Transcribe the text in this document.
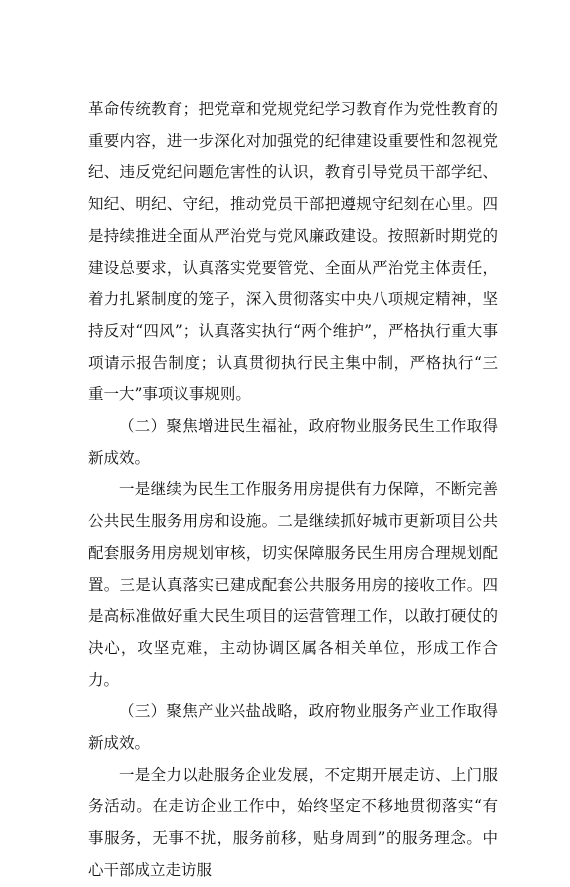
革命传统教育；把党章和党规党纪学习教育作为党性教育的重要内容，进一步深化对加强党的纪律建设重要性和忽视党纪、违反党纪问题危害性的认识，教育引导党员干部学纪、知纪、明纪、守纪，推动党员干部把遵规守纪刻在心里。四是持续推进全面从严治党与党风廉政建设。按照新时期党的建设总要求，认真落实党要管党、全面从严治党主体责任，着力扎紧制度的笼子，深入贯彻落实中央八项规定精神，坚持反对“四风”；认真落实执行“两个维护”，严格执行重大事项请示报告制度；认真贯彻执行民主集中制，严格执行“三重一大”事项议事规则。

（二）聚焦增进民生福祉，政府物业服务民生工作取得新成效。

一是继续为民生工作服务用房提供有力保障，不断完善公共民生服务用房和设施。二是继续抓好城市更新项目公共配套服务用房规划审核，切实保障服务民生用房合理规划配置。三是认真落实已建成配套公共服务用房的接收工作。四是高标准做好重大民生项目的运营管理工作，以敢打硬仗的决心，攻坚克难，主动协调区属各相关单位，形成工作合力。

（三）聚焦产业兴盐战略，政府物业服务产业工作取得新成效。

一是全力以赴服务企业发展，不定期开展走访、上门服务活动。在走访企业工作中，始终坚定不移地贯彻落实“有事服务，无事不扰，服务前移，贴身周到”的服务理念。中心干部成立走访服
